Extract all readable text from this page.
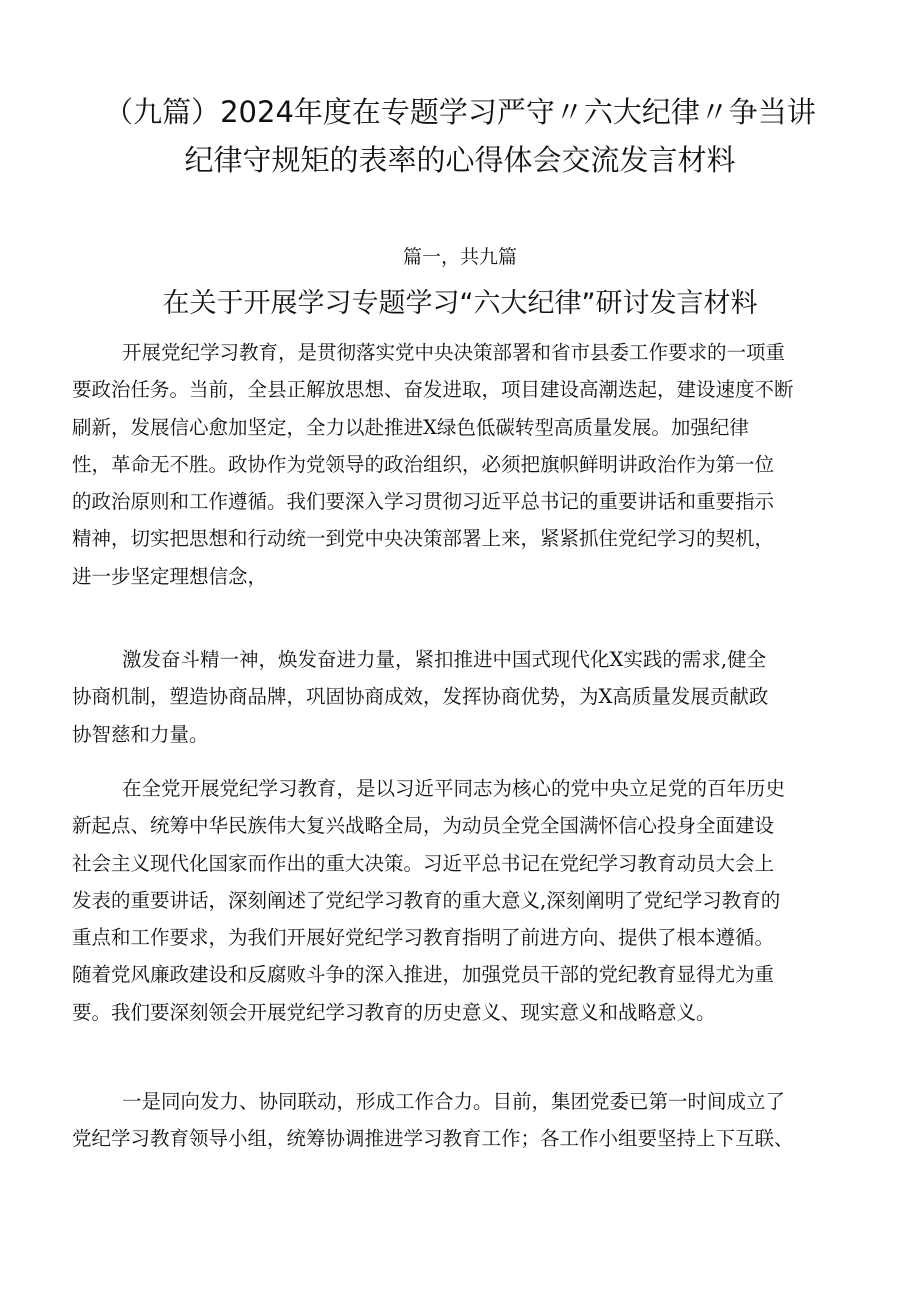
（九篇）2024年度在专题学习严守〃六大纪律〃争当讲
纪律守规矩的表率的心得体会交流发言材料
篇一，共九篇
在关于开展学习专题学习“六大纪律”研讨发言材料
开展党纪学习教育，是贯彻落实党中央决策部署和省市县委工作要求的一项重
要政治任务。当前，全县正解放思想、奋发进取，项目建设高潮迭起，建设速度不断
刷新，发展信心愈加坚定，全力以赴推进X绿色低碳转型高质量发展。加强纪律
性，革命无不胜。政协作为党领导的政治组织，必须把旗帜鲜明讲政治作为第一位
的政治原则和工作遵循。我们要深入学习贯彻习近平总书记的重要讲话和重要指示
精神，切实把思想和行动统一到党中央决策部署上来，紧紧抓住党纪学习的契机，
进一步坚定理想信念，
激发奋斗精一神，焕发奋进力量，紧扣推进中国式现代化X实践的需求,健全
协商机制，塑造协商品牌，巩固协商成效，发挥协商优势，为X高质量发展贡献政
协智慈和力量。
在全党开展党纪学习教育，是以习近平同志为核心的党中央立足党的百年历史
新起点、统筹中华民族伟大复兴战略全局，为动员全党全国满怀信心投身全面建设
社会主义现代化国家而作出的重大决策。习近平总书记在党纪学习教育动员大会上
发表的重要讲话，深刻阐述了党纪学习教育的重大意义,深刻阐明了党纪学习教育的
重点和工作要求，为我们开展好党纪学习教育指明了前进方向、提供了根本遵循。
随着党风廉政建设和反腐败斗争的深入推进，加强党员干部的党纪教育显得尤为重
要。我们要深刻领会开展党纪学习教育的历史意义、现实意义和战略意义。
一是同向发力、协同联动，形成工作合力。目前，集团党委已第一时间成立了
党纪学习教育领导小组，统筹协调推进学习教育工作；各工作小组要坚持上下互联、
